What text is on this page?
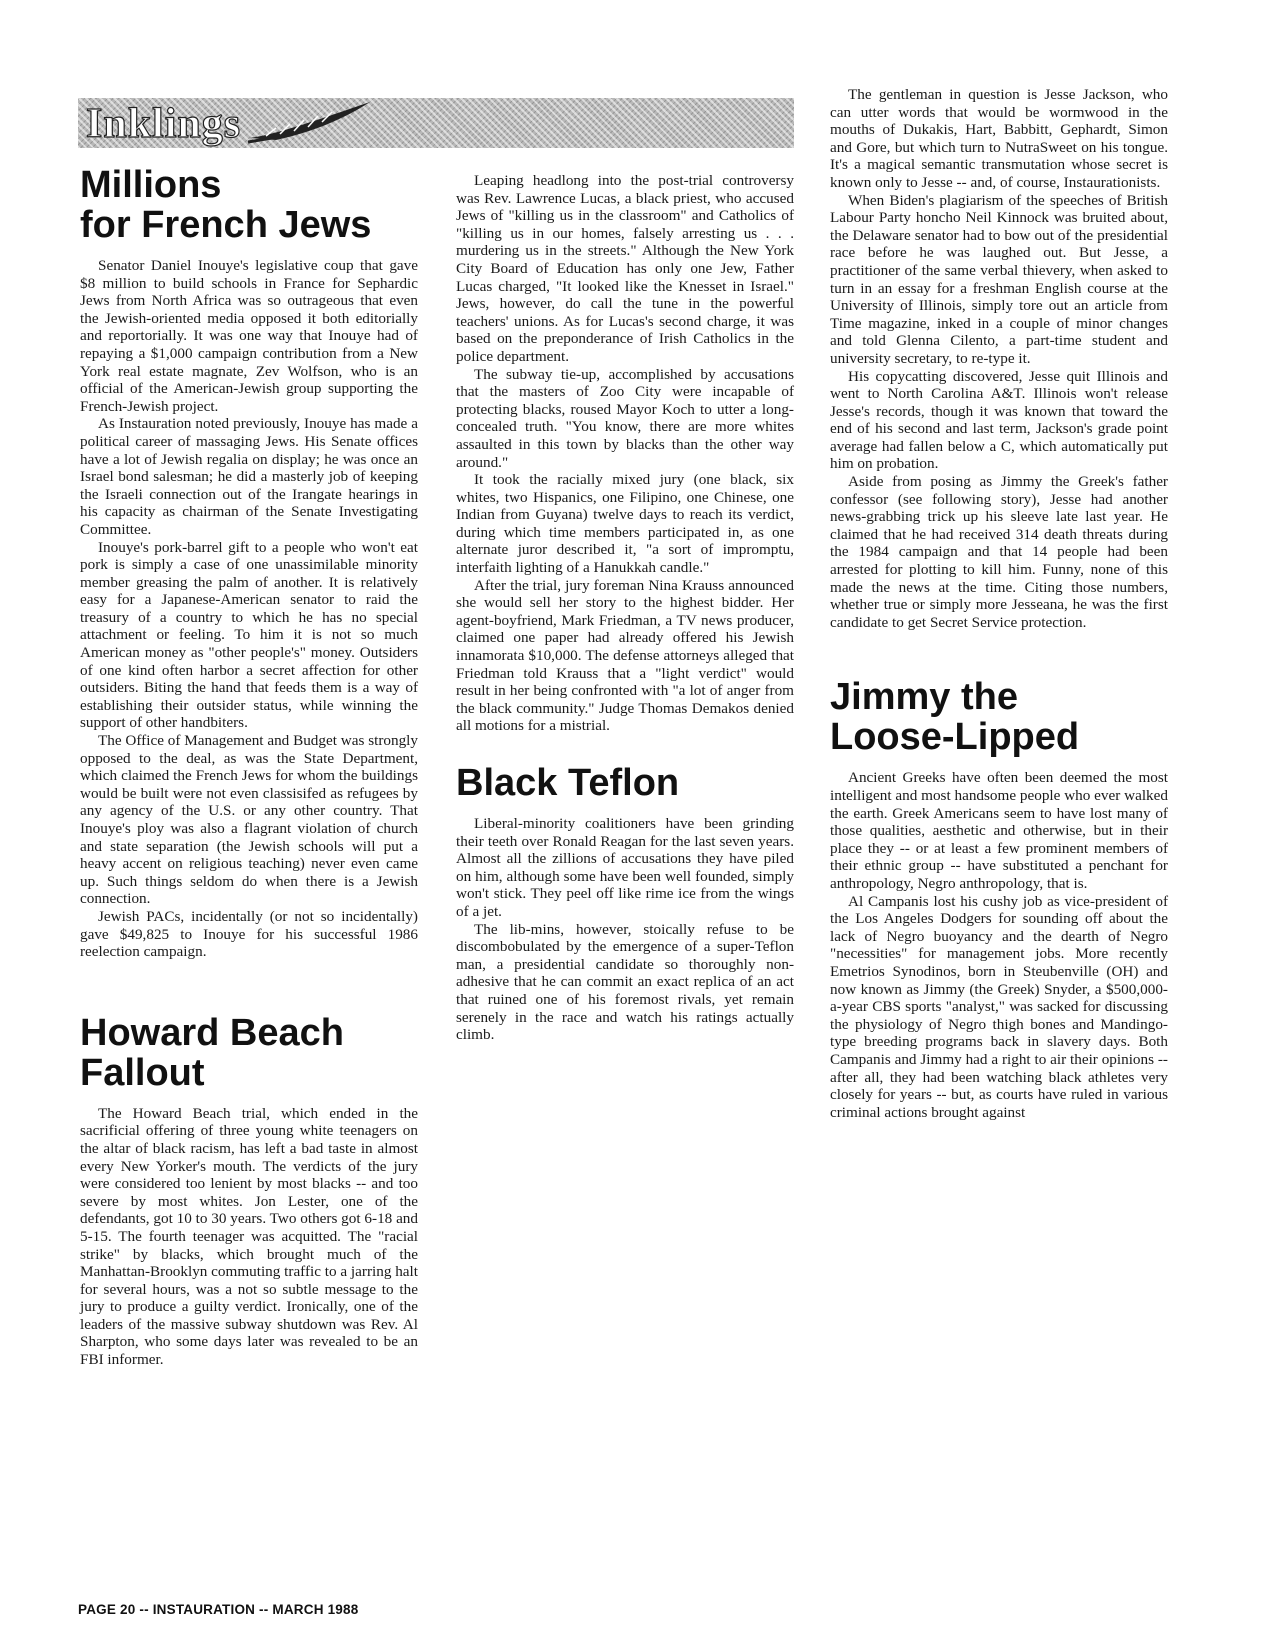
Inklings
Millions
for French Jews

Senator Daniel Inouye's legislative coup that gave $8 million to build schools in France for Sephardic Jews from North Africa was so outrageous that even the Jewish-oriented media opposed it both editorially and reportorially. It was one way that Inouye had of repaying a $1,000 campaign contribution from a New York real estate magnate, Zev Wolfson, who is an official of the American-Jewish group supporting the French-Jewish project.

As Instauration noted previously, Inouye has made a political career of massaging Jews. His Senate offices have a lot of Jewish regalia on display; he was once an Israel bond salesman; he did a masterly job of keeping the Israeli connection out of the Irangate hearings in his capacity as chairman of the Senate Investigating Committee.

Inouye's pork-barrel gift to a people who won't eat pork is simply a case of one unassimilable minority member greasing the palm of another. It is relatively easy for a Japanese-American senator to raid the treasury of a country to which he has no special attachment or feeling. To him it is not so much American money as "other people's" money. Outsiders of one kind often harbor a secret affection for other outsiders. Biting the hand that feeds them is a way of establishing their outsider status, while winning the support of other handbiters.

The Office of Management and Budget was strongly opposed to the deal, as was the State Department, which claimed the French Jews for whom the buildings would be built were not even classisifed as refugees by any agency of the U.S. or any other country. That Inouye's ploy was also a flagrant violation of church and state separation (the Jewish schools will put a heavy accent on religious teaching) never even came up. Such things seldom do when there is a Jewish connection.

Jewish PACs, incidentally (or not so incidentally) gave $49,825 to Inouye for his successful 1986 reelection campaign.

Howard Beach
Fallout

The Howard Beach trial, which ended in the sacrificial offering of three young white teenagers on the altar of black racism, has left a bad taste in almost every New Yorker's mouth. The verdicts of the jury were considered too lenient by most blacks -- and too severe by most whites. Jon Lester, one of the defendants, got 10 to 30 years. Two others got 6-18 and 5-15. The fourth teenager was acquitted. The "racial strike" by blacks, which brought much of the Manhattan-Brooklyn commuting traffic to a jarring halt for several hours, was a not so subtle message to the jury to produce a guilty verdict. Ironically, one of the leaders of the massive subway shutdown was Rev. Al Sharpton, who some days later was revealed to be an FBI informer.

Leaping headlong into the post-trial controversy was Rev. Lawrence Lucas, a black priest, who accused Jews of "killing us in the classroom" and Catholics of "killing us in our homes, falsely arresting us . . . murdering us in the streets." Although the New York City Board of Education has only one Jew, Father Lucas charged, "It looked like the Knesset in Israel." Jews, however, do call the tune in the powerful teachers' unions. As for Lucas's second charge, it was based on the preponderance of Irish Catholics in the police department.

The subway tie-up, accomplished by accusations that the masters of Zoo City were incapable of protecting blacks, roused Mayor Koch to utter a long-concealed truth. "You know, there are more whites assaulted in this town by blacks than the other way around."

It took the racially mixed jury (one black, six whites, two Hispanics, one Filipino, one Chinese, one Indian from Guyana) twelve days to reach its verdict, during which time members participated in, as one alternate juror described it, "a sort of impromptu, interfaith lighting of a Hanukkah candle."

After the trial, jury foreman Nina Krauss announced she would sell her story to the highest bidder. Her agent-boyfriend, Mark Friedman, a TV news producer, claimed one paper had already offered his Jewish innamorata $10,000. The defense attorneys alleged that Friedman told Krauss that a "light verdict" would result in her being confronted with "a lot of anger from the black community." Judge Thomas Demakos denied all motions for a mistrial.

Black Teflon

Liberal-minority coalitioners have been grinding their teeth over Ronald Reagan for the last seven years. Almost all the zillions of accusations they have piled on him, although some have been well founded, simply won't stick. They peel off like rime ice from the wings of a jet.

The lib-mins, however, stoically refuse to be discombobulated by the emergence of a super-Teflon man, a presidential candidate so thoroughly non-adhesive that he can commit an exact replica of an act that ruined one of his foremost rivals, yet remain serenely in the race and watch his ratings actually climb.

The gentleman in question is Jesse Jackson, who can utter words that would be wormwood in the mouths of Dukakis, Hart, Babbitt, Gephardt, Simon and Gore, but which turn to NutraSweet on his tongue. It's a magical semantic transmutation whose secret is known only to Jesse -- and, of course, Instaurationists.

When Biden's plagiarism of the speeches of British Labour Party honcho Neil Kinnock was bruited about, the Delaware senator had to bow out of the presidential race before he was laughed out. But Jesse, a practitioner of the same verbal thievery, when asked to turn in an essay for a freshman English course at the University of Illinois, simply tore out an article from Time magazine, inked in a couple of minor changes and told Glenna Cilento, a part-time student and university secretary, to re-type it.

His copycatting discovered, Jesse quit Illinois and went to North Carolina A&T. Illinois won't release Jesse's records, though it was known that toward the end of his second and last term, Jackson's grade point average had fallen below a C, which automatically put him on probation.

Aside from posing as Jimmy the Greek's father confessor (see following story), Jesse had another news-grabbing trick up his sleeve late last year. He claimed that he had received 314 death threats during the 1984 campaign and that 14 people had been arrested for plotting to kill him. Funny, none of this made the news at the time. Citing those numbers, whether true or simply more Jesseana, he was the first candidate to get Secret Service protection.

Jimmy the
Loose-Lipped

Ancient Greeks have often been deemed the most intelligent and most handsome people who ever walked the earth. Greek Americans seem to have lost many of those qualities, aesthetic and otherwise, but in their place they -- or at least a few prominent members of their ethnic group -- have substituted a penchant for anthropology, Negro anthropology, that is.

Al Campanis lost his cushy job as vice-president of the Los Angeles Dodgers for sounding off about the lack of Negro buoyancy and the dearth of Negro "necessities" for management jobs. More recently Emetrios Synodinos, born in Steubenville (OH) and now known as Jimmy (the Greek) Snyder, a $500,000-a-year CBS sports "analyst," was sacked for discussing the physiology of Negro thigh bones and Mandingo-type breeding programs back in slavery days. Both Campanis and Jimmy had a right to air their opinions -- after all, they had been watching black athletes very closely for years -- but, as courts have ruled in various criminal actions brought against

PAGE 20 -- INSTAURATION -- MARCH 1988
